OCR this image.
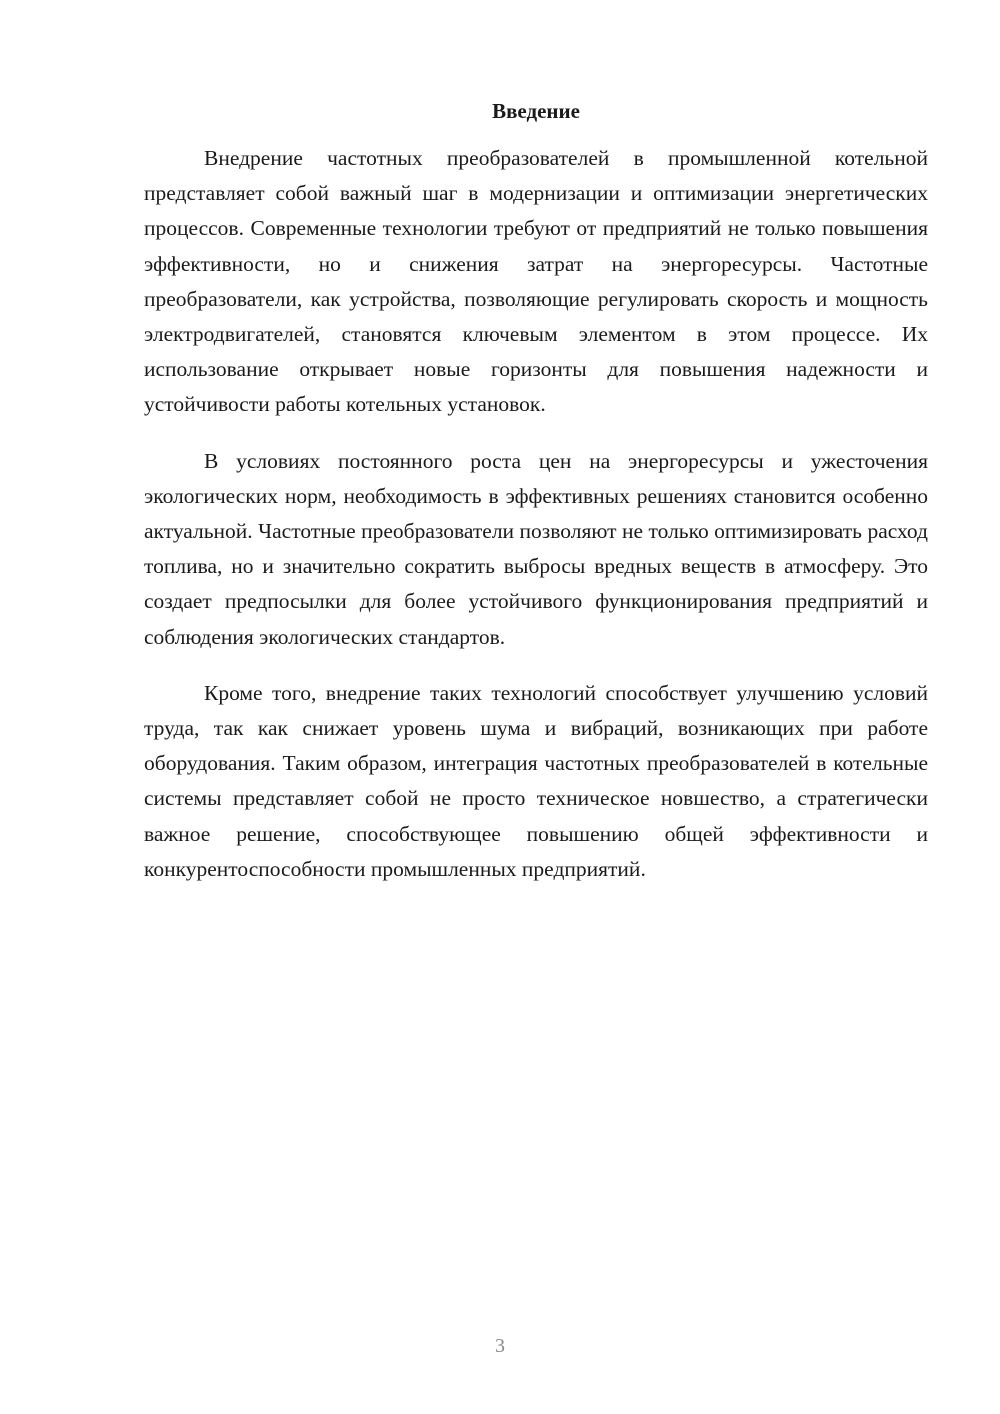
Введение

Внедрение частотных преобразователей в промышленной котельной представляет собой важный шаг в модернизации и оптимизации энергетических процессов. Современные технологии требуют от предприятий не только повышения эффективности, но и снижения затрат на энергоресурсы. Частотные преобразователи, как устройства, позволяющие регулировать скорость и мощность электродвигателей, становятся ключевым элементом в этом процессе. Их использование открывает новые горизонты для повышения надежности и устойчивости работы котельных установок.

В условиях постоянного роста цен на энергоресурсы и ужесточения экологических норм, необходимость в эффективных решениях становится особенно актуальной. Частотные преобразователи позволяют не только оптимизировать расход топлива, но и значительно сократить выбросы вредных веществ в атмосферу. Это создает предпосылки для более устойчивого функционирования предприятий и соблюдения экологических стандартов.

Кроме того, внедрение таких технологий способствует улучшению условий труда, так как снижает уровень шума и вибраций, возникающих при работе оборудования. Таким образом, интеграция частотных преобразователей в котельные системы представляет собой не просто техническое новшество, а стратегически важное решение, способствующее повышению общей эффективности и конкурентоспособности промышленных предприятий.

3
